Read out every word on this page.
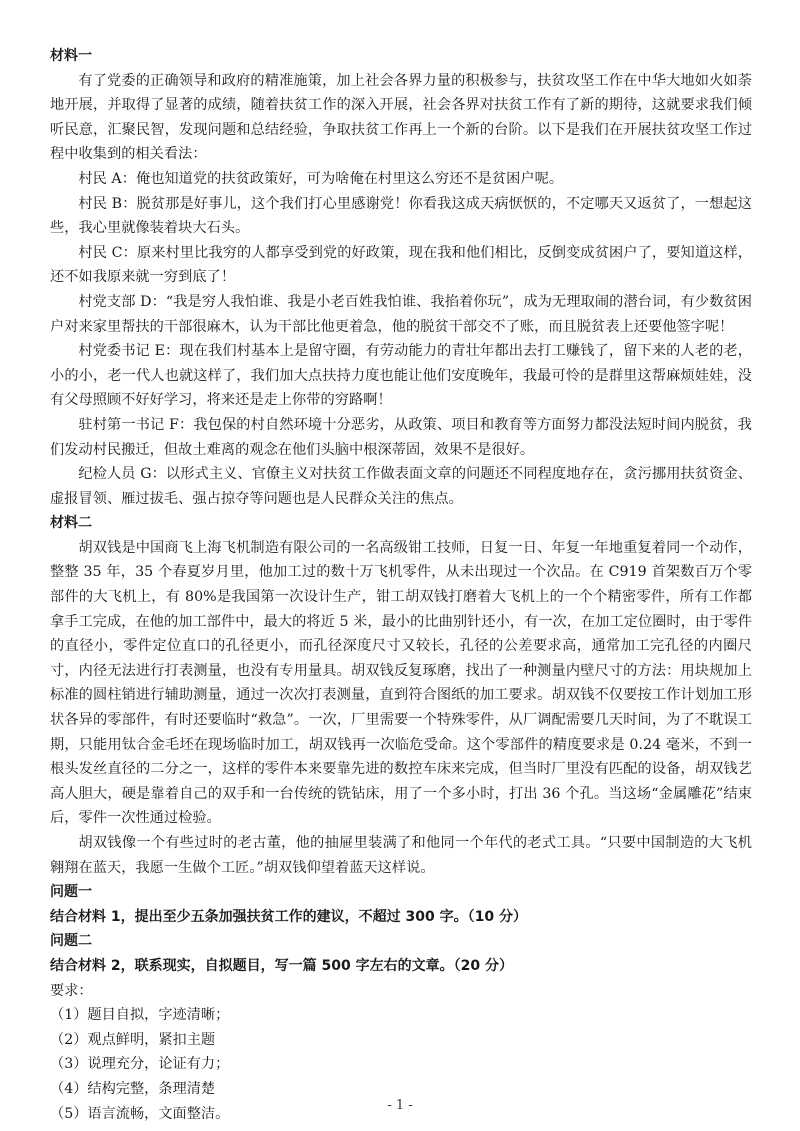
材料一

有了党委的正确领导和政府的精准施策，加上社会各界力量的积极参与，扶贫攻坚工作在中华大地如火如荼地开展，并取得了显著的成绩，随着扶贫工作的深入开展，社会各界对扶贫工作有了新的期待，这就要求我们倾听民意，汇聚民智，发现问题和总结经验，争取扶贫工作再上一个新的台阶。以下是我们在开展扶贫攻坚工作过程中收集到的相关看法：

村民 A：俺也知道党的扶贫政策好，可为啥俺在村里这么穷还不是贫困户呢。

村民 B：脱贫那是好事儿，这个我们打心里感谢党！你看我这成天病恹恹的，不定哪天又返贫了，一想起这些，我心里就像装着块大石头。

村民 C：原来村里比我穷的人都享受到党的好政策，现在我和他们相比，反倒变成贫困户了，要知道这样，还不如我原来就一穷到底了！

村党支部 D：“我是穷人我怕谁、我是小老百姓我怕谁、我掐着你玩”，成为无理取闹的潜台词，有少数贫困户对来家里帮扶的干部很麻木，认为干部比他更着急，他的脱贫干部交不了账，而且脱贫表上还要他签字呢！

村党委书记 E：现在我们村基本上是留守圈，有劳动能力的青壮年都出去打工赚钱了，留下来的人老的老，小的小，老一代人也就这样了，我们加大点扶持力度也能让他们安度晚年，我最可怜的是群里这帮麻烦娃娃，没有父母照顾不好好学习，将来还是走上你带的穷路啊！

驻村第一书记 F：我包保的村自然环境十分恶劣，从政策、项目和教育等方面努力都没法短时间内脱贫，我们发动村民搬迁，但故土难离的观念在他们头脑中根深蒂固，效果不是很好。

纪检人员 G：以形式主义、官僚主义对扶贫工作做表面文章的问题还不同程度地存在，贪污挪用扶贫资金、虚报冒领、雁过拔毛、强占掠夺等问题也是人民群众关注的焦点。

材料二

胡双钱是中国商飞上海飞机制造有限公司的一名高级钳工技师，日复一日、年复一年地重复着同一个动作，整整 35 年，35 个春夏岁月里，他加工过的数十万飞机零件，从未出现过一个次品。在 C919 首架数百万个零部件的大飞机上，有 80%是我国第一次设计生产，钳工胡双钱打磨着大飞机上的一个个精密零件，所有工作都拿手工完成，在他的加工部件中，最大的将近 5 米，最小的比曲别针还小，有一次，在加工定位圈时，由于零件的直径小，零件定位直口的孔径更小，而孔径深度尺寸又较长，孔径的公差要求高，通常加工完孔径的内圈尺寸，内径无法进行打表测量，也没有专用量具。胡双钱反复琢磨，找出了一种测量内壁尺寸的方法：用块规加上标准的圆柱销进行辅助测量，通过一次次打表测量，直到符合图纸的加工要求。胡双钱不仅要按工作计划加工形状各异的零部件，有时还要临时“救急”。一次，厂里需要一个特殊零件，从厂调配需要几天时间，为了不耽误工期，只能用钛合金毛坯在现场临时加工，胡双钱再一次临危受命。这个零部件的精度要求是 0.24 毫米，不到一根头发丝直径的二分之一，这样的零件本来要靠先进的数控车床来完成，但当时厂里没有匹配的设备，胡双钱艺高人胆大，硬是靠着自己的双手和一台传统的铣钻床，用了一个多小时，打出 36 个孔。当这场“金属雕花”结束后，零件一次性通过检验。

胡双钱像一个有些过时的老古董，他的抽屉里装满了和他同一个年代的老式工具。“只要中国制造的大飞机翱翔在蓝天，我愿一生做个工匠。”胡双钱仰望着蓝天这样说。

问题一

结合材料 1，提出至少五条加强扶贫工作的建议，不超过 300 字。（10 分）

问题二

结合材料 2，联系现实，自拟题目，写一篇 500 字左右的文章。（20 分）

要求：

（1）题目自拟，字迹清晰；

（2）观点鲜明，紧扣主题

（3）说理充分，论证有力；

（4）结构完整，条理清楚

（5）语言流畅，文面整洁。

- 1 -
